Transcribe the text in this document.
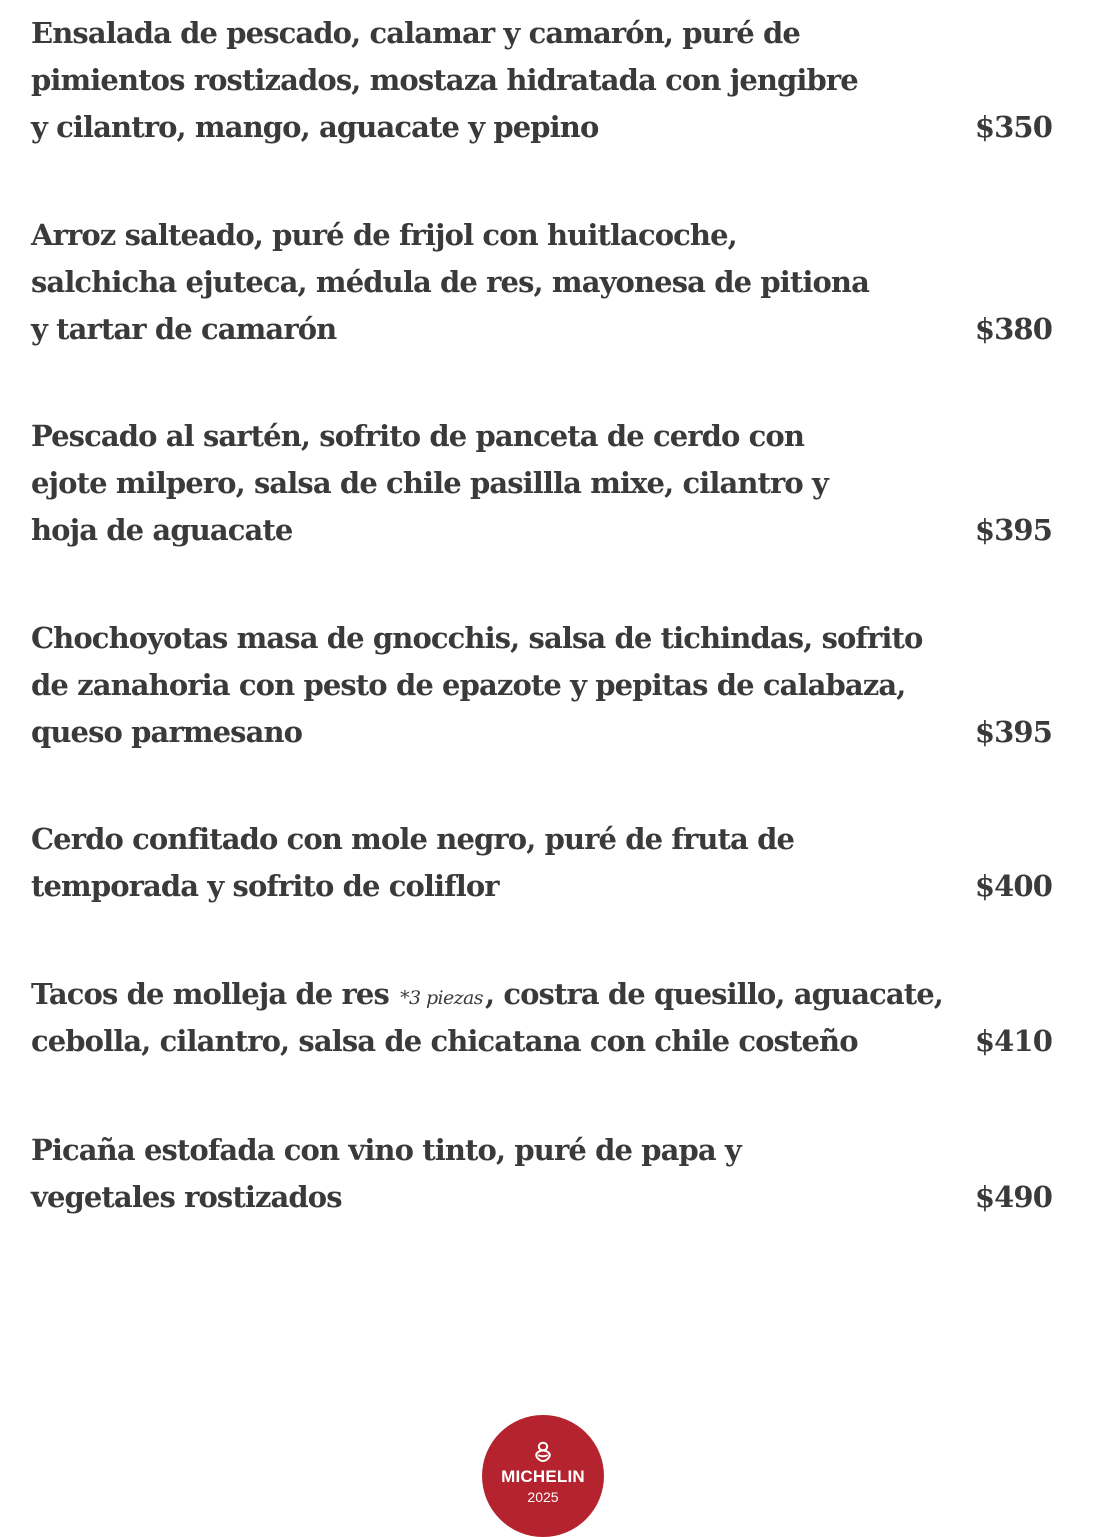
Ensalada de pescado, calamar y camarón, puré de
pimientos rostizados, mostaza hidratada con jengibre
y cilantro, mango, aguacate y pepino	$350
Arroz salteado, puré de frijol con huitlacoche,
salchicha ejuteca, médula de res, mayonesa de pitiona
y tartar de camarón	$380
Pescado al sartén, sofrito de panceta de cerdo con
ejote milpero, salsa de chile pasillla mixe, cilantro y
hoja de aguacate	$395
Chochoyotas masa de gnocchis, salsa de tichindas, sofrito
de zanahoria con pesto de epazote y pepitas de calabaza,
queso parmesano	$395
Cerdo confitado con mole negro, puré de fruta de
temporada y sofrito de coliflor	$400
Tacos de molleja de res *3 piezas, costra de quesillo, aguacate,
cebolla, cilantro, salsa de chicatana con chile costeño	$410
Picaña estofada con vino tinto, puré de papa y
vegetales rostizados	$490
MICHELIN
2025
